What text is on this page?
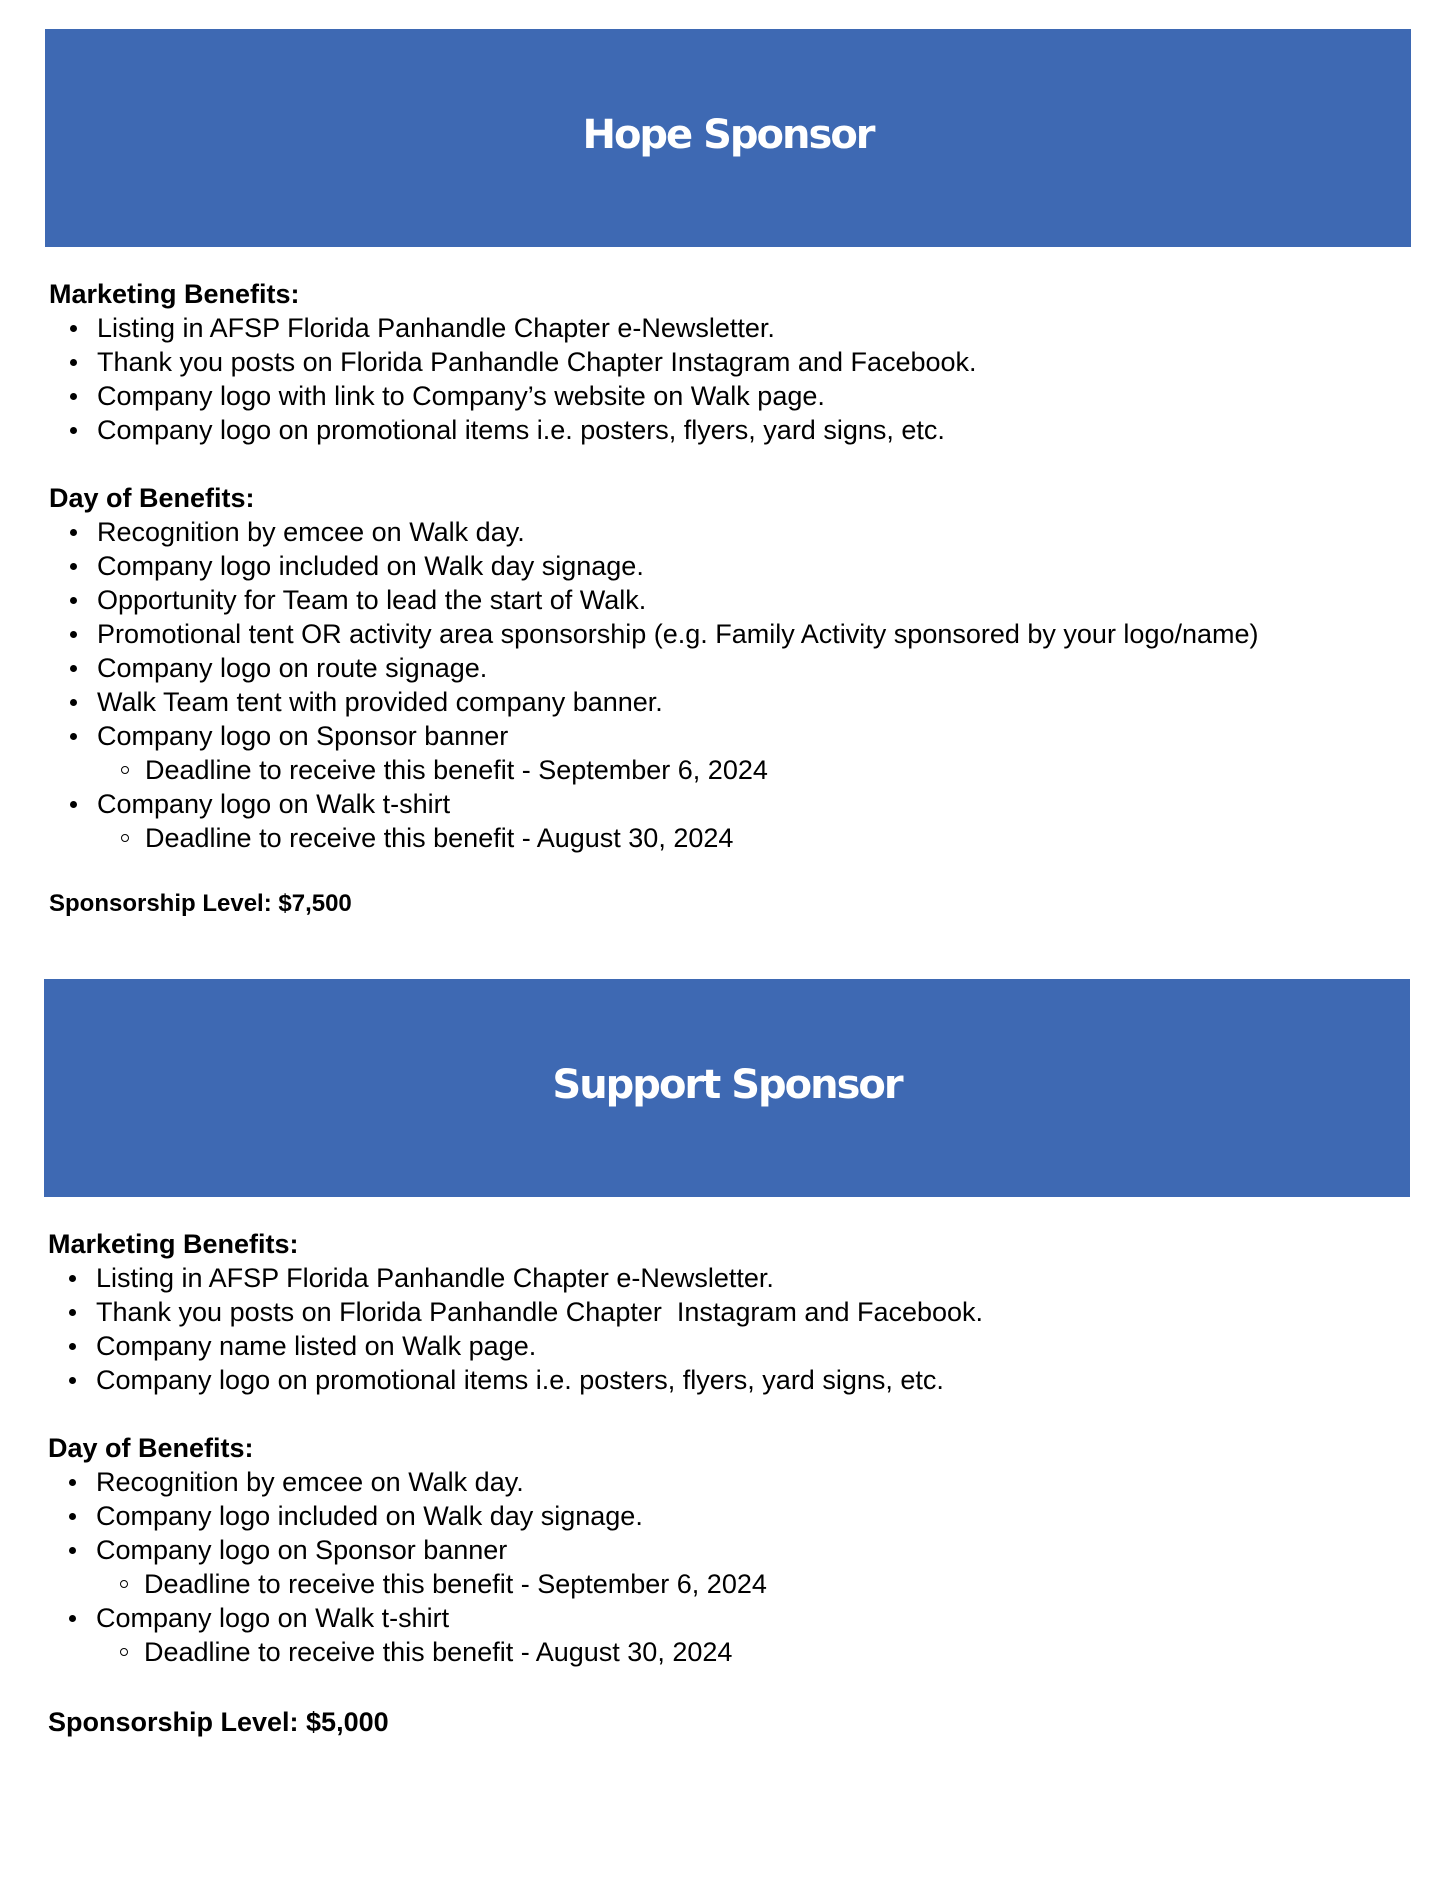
Hope Sponsor
Marketing Benefits:
Listing in AFSP Florida Panhandle Chapter e-Newsletter.
Thank you posts on Florida Panhandle Chapter Instagram and Facebook.
Company logo with link to Company’s website on Walk page.
Company logo on promotional items i.e. posters, flyers, yard signs, etc.
Day of Benefits:
Recognition by emcee on Walk day.
Company logo included on Walk day signage.
Opportunity for Team to lead the start of Walk.
Promotional tent OR activity area sponsorship (e.g. Family Activity sponsored by your logo/name)
Company logo on route signage.
Walk Team tent with provided company banner.
Company logo on Sponsor banner
Deadline to receive this benefit - September 6, 2024
Company logo on Walk t-shirt
Deadline to receive this benefit - August 30, 2024
Sponsorship Level: $7,500
Support Sponsor
Marketing Benefits:
Listing in AFSP Florida Panhandle Chapter e-Newsletter.
Thank you posts on Florida Panhandle Chapter  Instagram and Facebook.
Company name listed on Walk page.
Company logo on promotional items i.e. posters, flyers, yard signs, etc.
Day of Benefits:
Recognition by emcee on Walk day.
Company logo included on Walk day signage.
Company logo on Sponsor banner
Deadline to receive this benefit - September 6, 2024
Company logo on Walk t-shirt
Deadline to receive this benefit - August 30, 2024
Sponsorship Level: $5,000
